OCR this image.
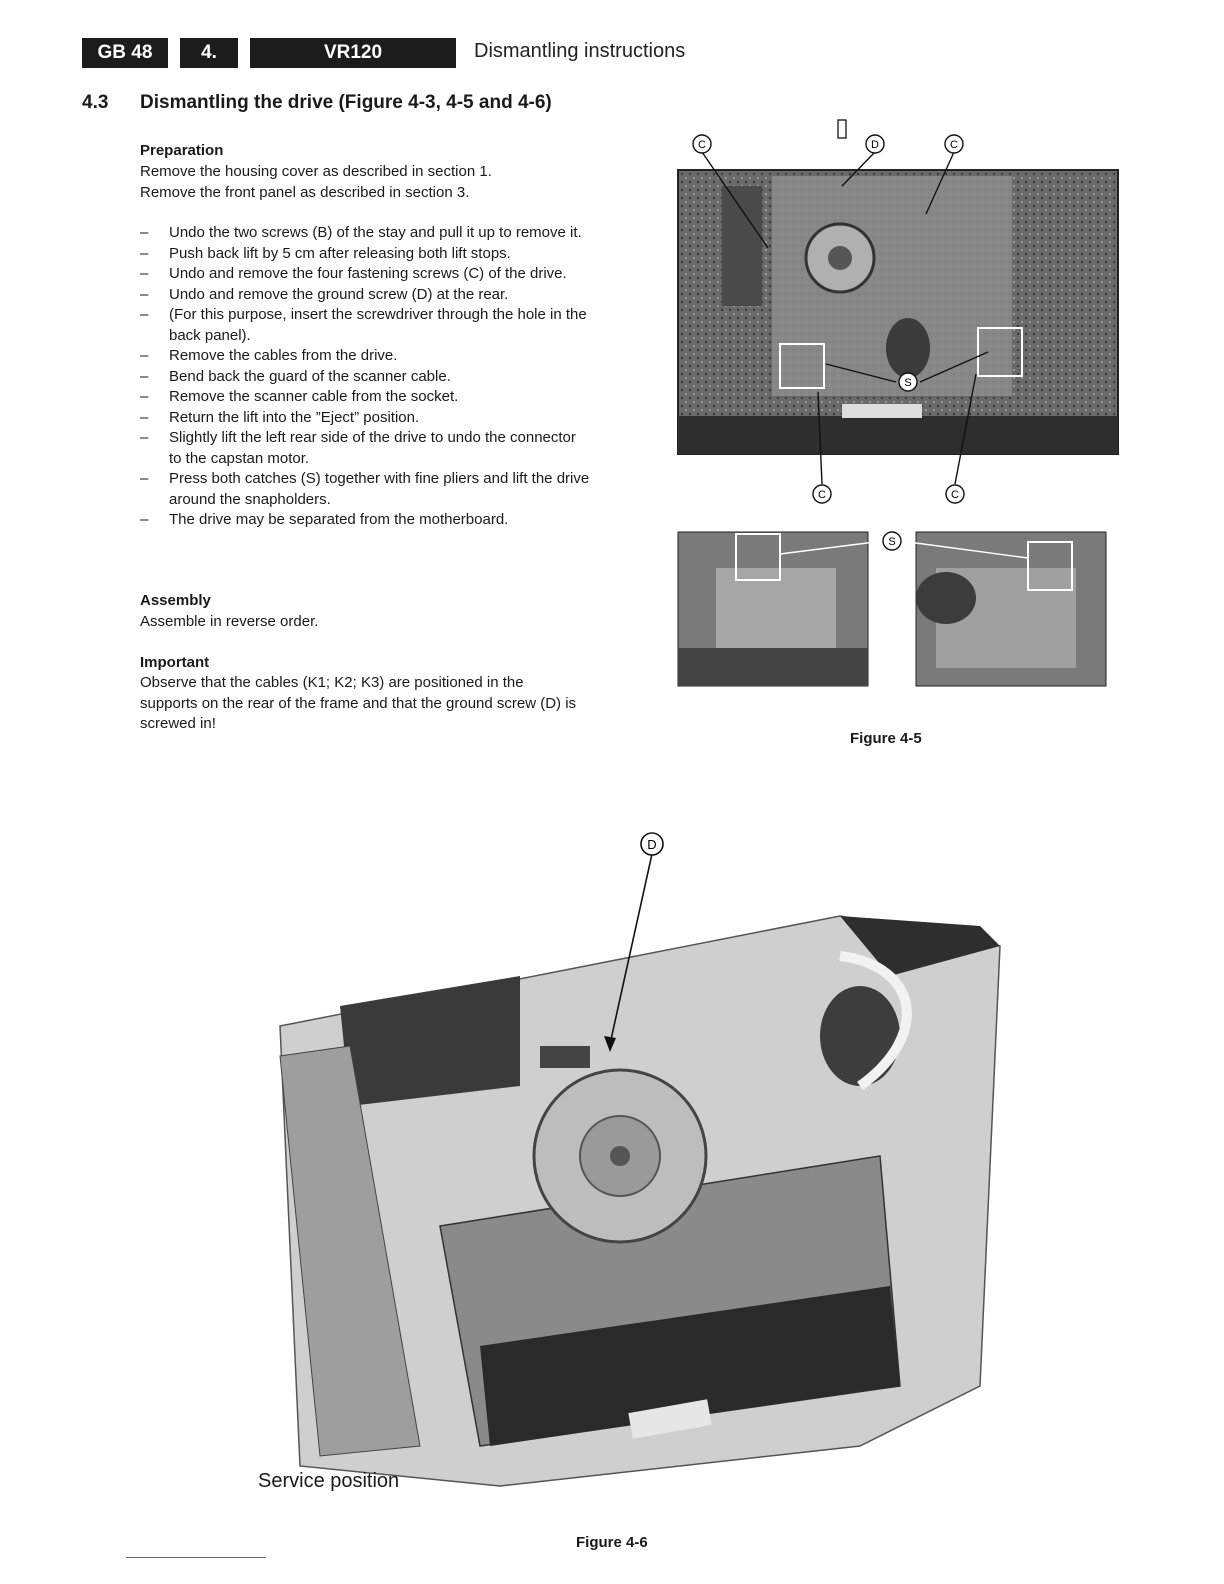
GB 48	4.	VR120	Dismantling instructions
4.3 Dismantling the drive (Figure 4-3, 4-5 and 4-6)
Preparation
Remove the housing cover as described in section 1.
Remove the front panel as described in section 3.
– Undo the two screws (B) of the stay and pull it up to remove it.
– Push back lift by 5 cm after releasing both lift stops.
– Undo and remove the four fastening screws (C) of the drive.
– Undo and remove the ground screw (D) at the rear.
– (For this purpose, insert the screwdriver through the hole in the back panel).
– Remove the cables from the drive.
– Bend back the guard of the scanner cable.
– Remove the scanner cable from the socket.
– Return the lift into the ”Eject” position.
– Slightly lift the left rear side of the drive to undo the connector to the capstan motor.
– Press both catches (S) together with fine pliers and lift the drive around the snapholders.
– The drive may be separated from the motherboard.
Assembly
Assemble in reverse order.
Important
Observe that the cables (K1; K2; K3) are positioned in the supports on the rear of the frame and that the ground screw (D) is screwed in!
C	D	C
S
C	C
S
Figure 4-5
D
Service position
Figure 4-6
